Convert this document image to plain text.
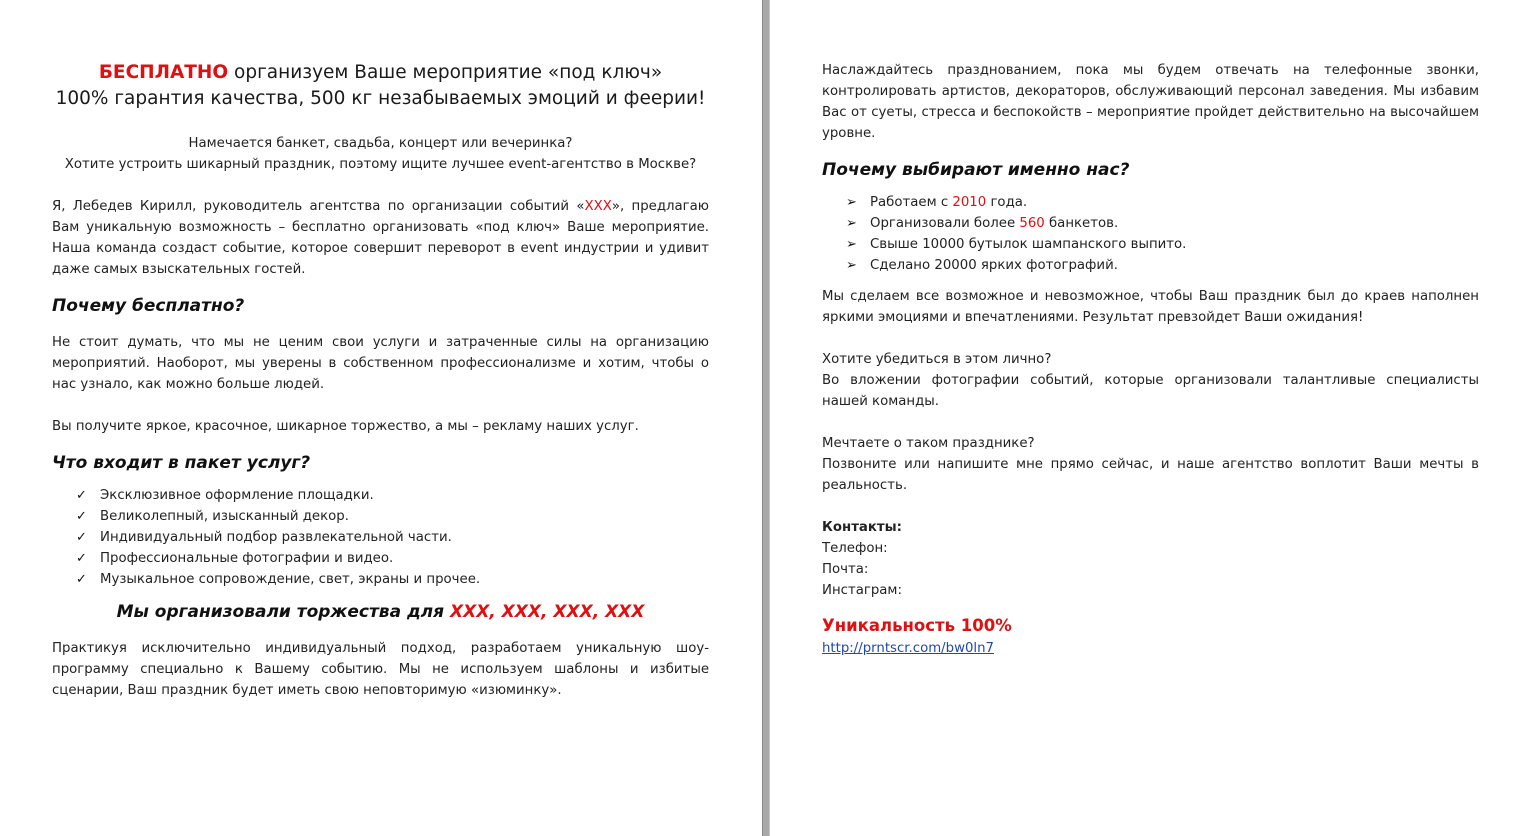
БЕСПЛАТНО организуем Ваше мероприятие «под ключ»
100% гарантия качества, 500 кг незабываемых эмоций и феерии!

Намечается банкет, свадьба, концерт или вечеринка?

Хотите устроить шикарный праздник, поэтому ищите лучшее event-агентство в Москве?

Я, Лебедев Кирилл, руководитель агентства по организации событий «XXX», предлагаю Вам уникальную возможность – бесплатно организовать «под ключ» Ваше мероприятие. Наша команда создаст событие, которое совершит переворот в event индустрии и удивит даже самых взыскательных гостей.

Почему бесплатно?

Не стоит думать, что мы не ценим свои услуги и затраченные силы на организацию мероприятий. Наоборот, мы уверены в собственном профессионализме и хотим, чтобы о нас узнало, как можно больше людей.

Вы получите яркое, красочное, шикарное торжество, а мы – рекламу наших услуг.

Что входит в пакет услуг?
✓ Эксклюзивное оформление площадки.
✓ Великолепный, изысканный декор.
✓ Индивидуальный подбор развлекательной части.
✓ Профессиональные фотографии и видео.
✓ Музыкальное сопровождение, свет, экраны и прочее.
Мы организовали торжества для XXX, XXX, XXX, XXX

Практикуя исключительно индивидуальный подход, разработаем уникальную шоу-программу специально к Вашему событию. Мы не используем шаблоны и избитые сценарии, Ваш праздник будет иметь свою неповторимую «изюминку».

Наслаждайтесь празднованием, пока мы будем отвечать на телефонные звонки, контролировать артистов, декораторов, обслуживающий персонал заведения. Мы избавим Вас от суеты, стресса и беспокойств – мероприятие пройдет действительно на высочайшем уровне.

Почему выбирают именно нас?
➢ Работаем с 2010 года.
➢ Организовали более 560 банкетов.
➢ Свыше 10000 бутылок шампанского выпито.
➢ Сделано 20000 ярких фотографий.

Мы сделаем все возможное и невозможное, чтобы Ваш праздник был до краев наполнен яркими эмоциями и впечатлениями. Результат превзойдет Ваши ожидания!

Хотите убедиться в этом лично?

Во вложении фотографии событий, которые организовали талантливые специалисты нашей команды.

Мечтаете о таком празднике?

Позвоните или напишите мне прямо сейчас, и наше агентство воплотит Ваши мечты в реальность.

Контакты:

Телефон:

Почта:

Инстаграм:

Уникальность 100%
http://prntscr.com/bw0ln7
